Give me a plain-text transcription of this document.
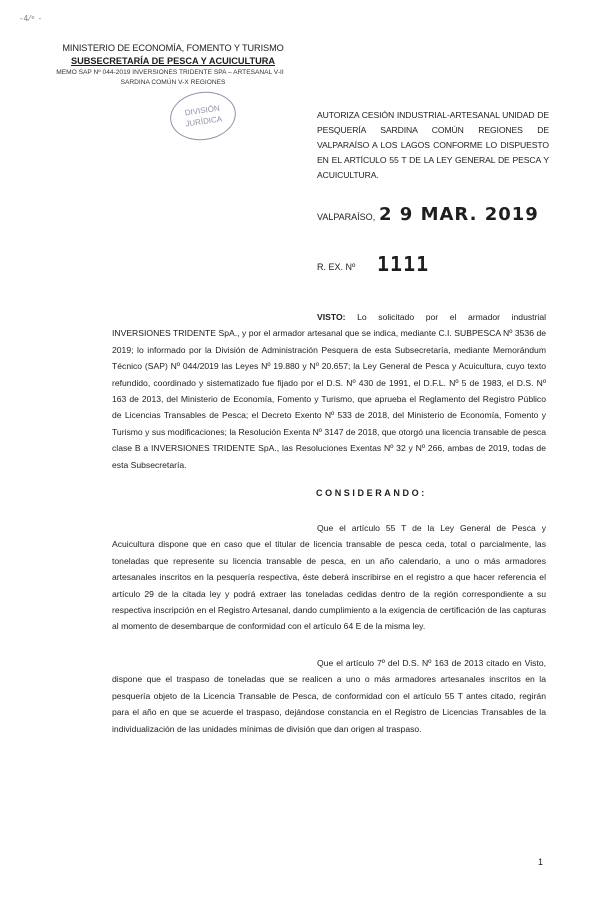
-4⁄ᵉ -
MINISTERIO DE ECONOMÍA, FOMENTO Y TURISMO
SUBSECRETARÍA DE PESCA Y ACUICULTURA
MEMO SAP Nº 044-2019 INVERSIONES TRIDENTE SPA – ARTESANAL V-II
SARDINA COMÚN V-X REGIONES
DIVISIÓN
JURÍDICA	AUTORIZA CESIÓN INDUSTRIAL-ARTESANAL UNIDAD DE PESQUERÍA SARDINA COMÚN REGIONES DE VALPARAÍSO A LOS LAGOS CONFORME LO DISPUESTO EN EL ARTÍCULO 55 T DE LA LEY GENERAL DE PESCA Y ACUICULTURA.
VALPARAÍSO, 2 9 MAR. 2019
R. EX. Nº 1111
VISTO: Lo solicitado por el armador industrial INVERSIONES TRIDENTE SpA., y por el armador artesanal que se indica, mediante C.I. SUBPESCA Nº 3536 de 2019; lo informado por la División de Administración Pesquera de esta Subsecretaría, mediante Memorándum Técnico (SAP) Nº 044/2019 las Leyes Nº 19.880 y Nº 20.657; la Ley General de Pesca y Acuicultura, cuyo texto refundido, coordinado y sistematizado fue fijado por el D.S. Nº 430 de 1991, el D.F.L. Nº 5 de 1983, el D.S. Nº 163 de 2013, del Ministerio de Economía, Fomento y Turismo, que aprueba el Reglamento del Registro Público de Licencias Transables de Pesca; el Decreto Exento Nº 533 de 2018, del Ministerio de Economía, Fomento y Turismo y sus modificaciones; la Resolución Exenta Nº 3147 de 2018, que otorgó una licencia transable de pesca clase B a INVERSIONES TRIDENTE SpA., las Resoluciones Exentas Nº 32 y Nº 266, ambas de 2019, todas de esta Subsecretaría.
CONSIDERANDO:
Que el artículo 55 T de la Ley General de Pesca y Acuicultura dispone que en caso que el titular de licencia transable de pesca ceda, total o parcialmente, las toneladas que represente su licencia transable de pesca, en un año calendario, a uno o más armadores artesanales inscritos en la pesquería respectiva, éste deberá inscribirse en el registro a que hacer referencia el artículo 29 de la citada ley y podrá extraer las toneladas cedidas dentro de la región correspondiente a su respectiva inscripción en el Registro Artesanal, dando cumplimiento a la exigencia de certificación de las capturas al momento de desembarque de conformidad con el artículo 64 E de la misma ley.
Que el artículo 7º del D.S. Nº 163 de 2013 citado en Visto, dispone que el traspaso de toneladas que se realicen a uno o más armadores artesanales inscritos en la pesquería objeto de la Licencia Transable de Pesca, de conformidad con el artículo 55 T antes citado, regirán para el año en que se acuerde el traspaso, dejándose constancia en el Registro de Licencias Transables de la individualización de las unidades mínimas de división que dan origen al traspaso.
1
